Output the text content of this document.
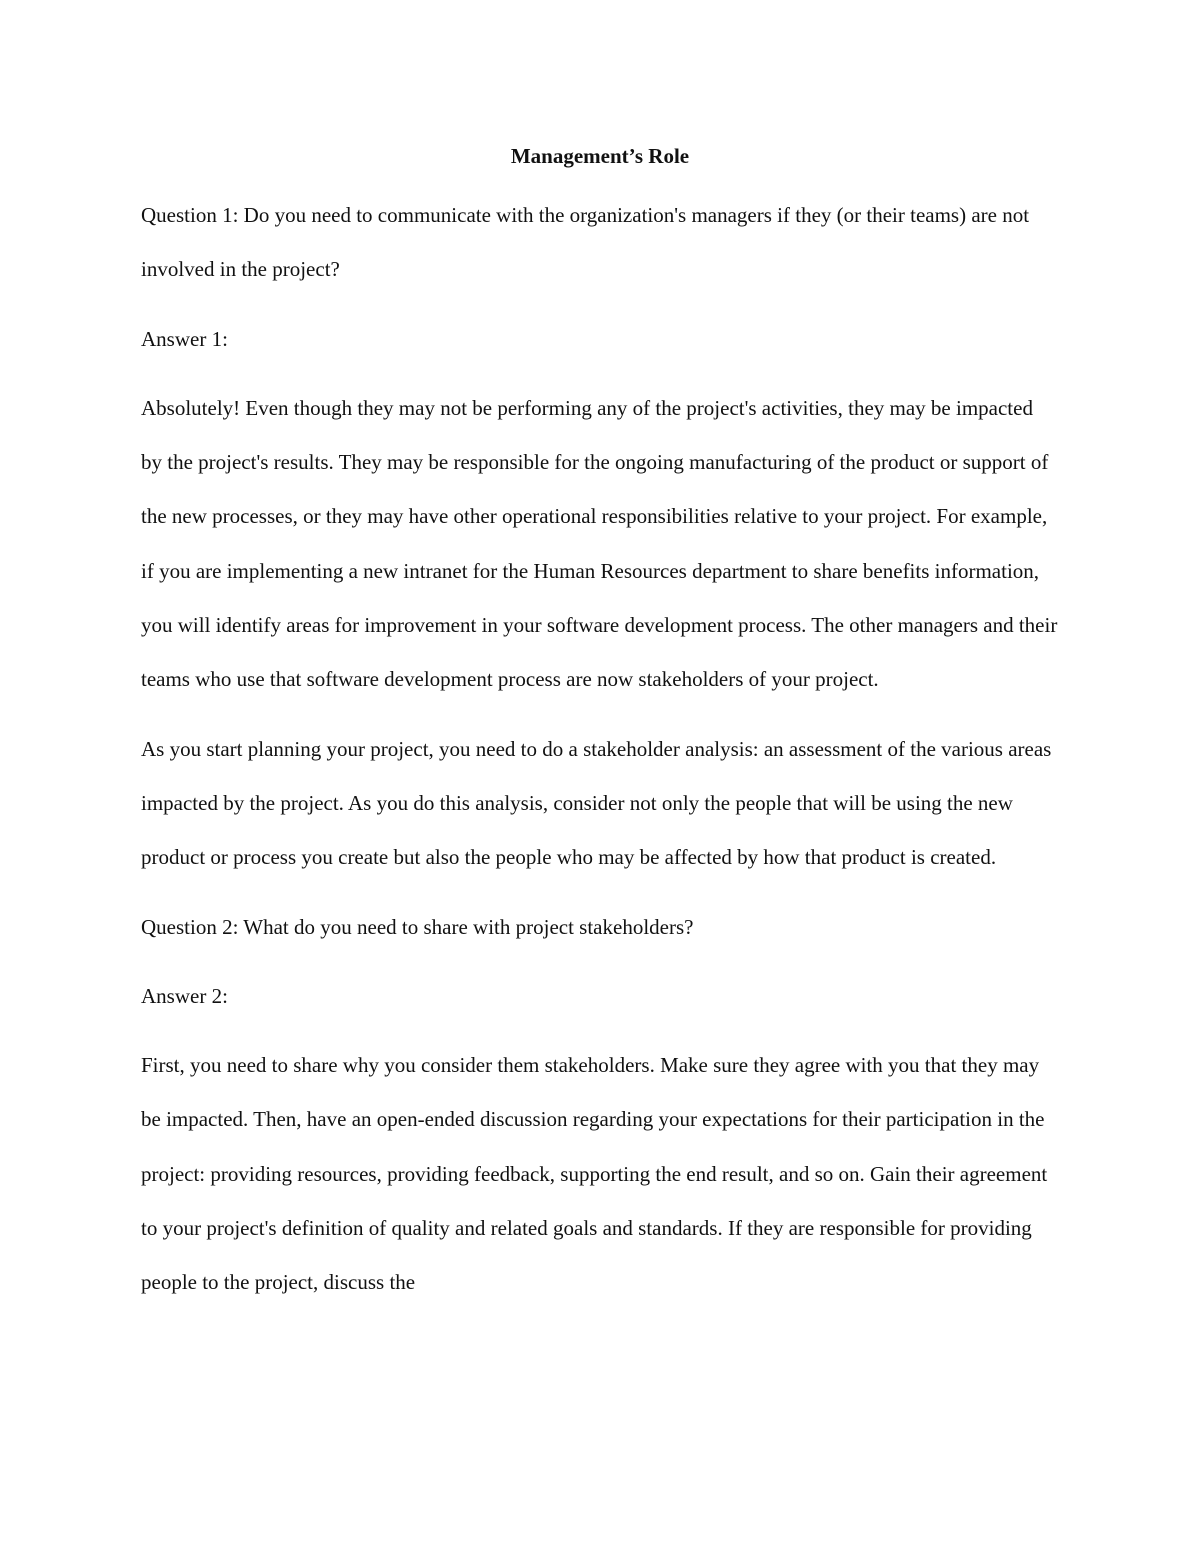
Management’s Role

Question 1: Do you need to communicate with the organization's managers if they (or their teams) are not involved in the project?

Answer 1:

Absolutely! Even though they may not be performing any of the project's activities, they may be impacted by the project's results. They may be responsible for the ongoing manufacturing of the product or support of the new processes, or they may have other operational responsibilities relative to your project. For example, if you are implementing a new intranet for the Human Resources department to share benefits information, you will identify areas for improvement in your software development process. The other managers and their teams who use that software development process are now stakeholders of your project.

As you start planning your project, you need to do a stakeholder analysis: an assessment of the various areas impacted by the project. As you do this analysis, consider not only the people that will be using the new product or process you create but also the people who may be affected by how that product is created.

Question 2: What do you need to share with project stakeholders?

Answer 2:

First, you need to share why you consider them stakeholders. Make sure they agree with you that they may be impacted. Then, have an open-ended discussion regarding your expectations for their participation in the project: providing resources, providing feedback, supporting the end result, and so on. Gain their agreement to your project's definition of quality and related goals and standards. If they are responsible for providing people to the project, discuss the
